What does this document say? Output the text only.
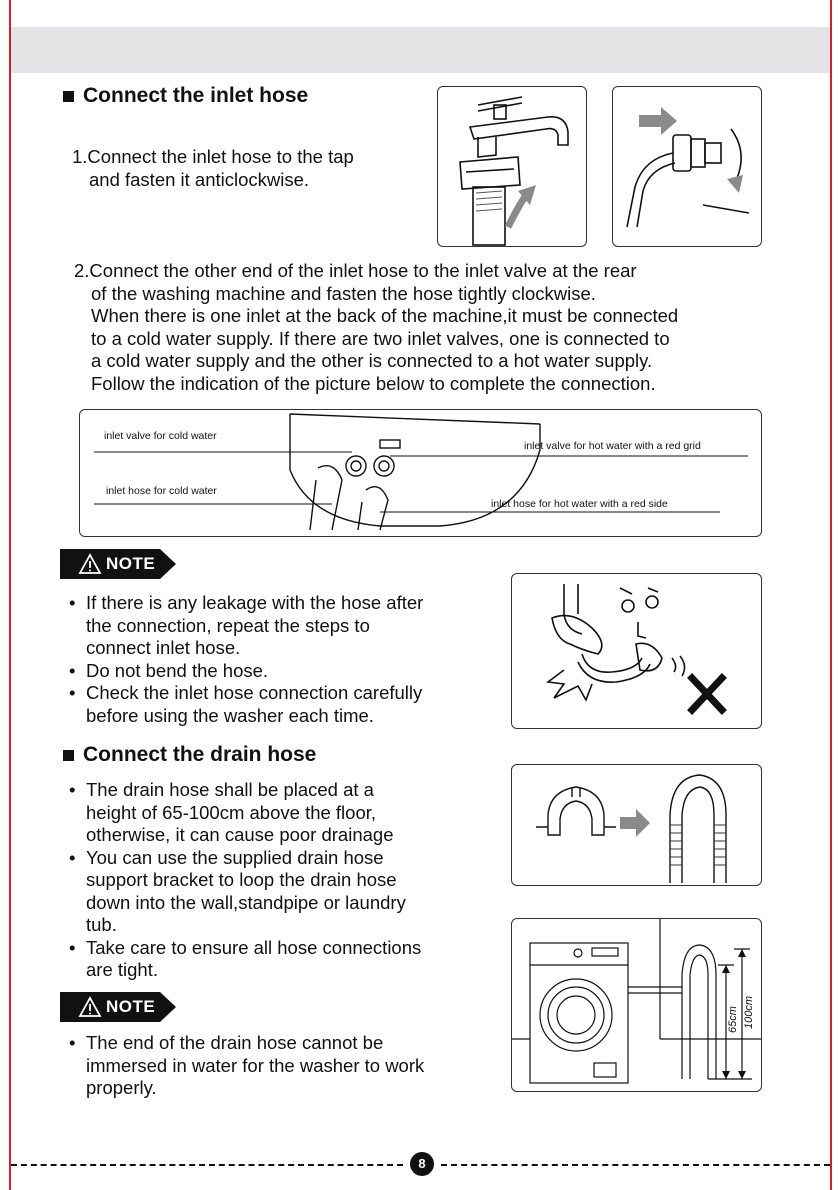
Connect the inlet hose
1.Connect the inlet hose to the tap
and fasten it anticlockwise.
2.Connect the other end of the inlet hose to the inlet valve at the rear
of the washing machine and fasten the hose tightly clockwise.
When there is one inlet at the back of the machine,it must be connected
to a cold water supply. If there are two inlet valves, one is connected to
a cold water supply and the other is connected to a hot water supply.
Follow the indication of the picture below to complete the connection.
inlet valve for cold water
inlet hose for cold water
inlet valve for hot water with a red grid
inlet hose for hot water with a red side
NOTE
• If there is any leakage with the hose after
the connection, repeat the steps to
connect inlet hose.
• Do not bend the hose.
• Check the inlet hose connection carefully
before using the washer each time.
Connect the drain hose
• The drain hose shall be placed at a
height of 65-100cm above the floor,
otherwise, it can cause poor drainage
• You can use the supplied drain hose
support bracket to loop the drain hose
down into the wall,standpipe or laundry
tub.
• Take care to ensure all hose connections
are tight.
65cm 100cm
NOTE
• The end of the drain hose cannot be
immersed in water for the washer to work
properly.
8
